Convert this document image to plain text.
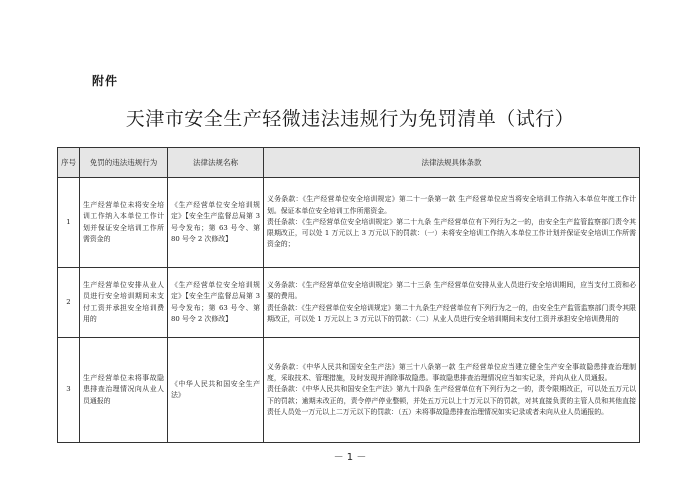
附件
天津市安全生产轻微违法违规行为免罚清单（试行）
序号	免罚的违法违规行为	法律法规名称	法律法规具体条款
1	生产经营单位未将安全培训工作纳入本单位工作计划并保证安全培训工作所需资金的	《生产经营单位安全培训规定》【安全生产监督总局第 3 号令发布；第 63 号令、第 80 号令 2 次修改】	义务条款：《生产经营单位安全培训规定》第二十一条第一款 生产经营单位应当将安全培训工作纳入本单位年度工作计划。保证本单位安全培训工作所需资金。
责任条款：《生产经营单位安全培训规定》第二十九条 生产经营单位有下列行为之一的，由安全生产监管监察部门责令其限期改正，可以处 1 万元以上 3 万元以下的罚款：（一）未将安全培训工作纳入本单位工作计划并保证安全培训工作所需资金的；

2	生产经营单位安排从业人员进行安全培训期间未支付工资并承担安全培训费用的	《生产经营单位安全培训规定》【安全生产监督总局第 3 号令发布；第 63 号令、第 80 号令 2 次修改】	义务条款：《生产经营单位安全培训规定》第二十三条 生产经营单位安排从业人员进行安全培训期间，应当支付工资和必要的费用。
责任条款：《生产经营单位安全培训规定》第二十九条生产经营单位有下列行为之一的，由安全生产监管监察部门责令其限期改正，可以处 1 万元以上 3 万元以下的罚款：（二）从业人员进行安全培训期间未支付工资并承担安全培训费用的

3	生产经营单位未将事故隐患排查治理情况向从业人员通报的	《中华人民共和国安全生产法》	义务条款：《中华人民共和国安全生产法》第三十八条第一款 生产经营单位应当建立健全生产安全事故隐患排查治理制度，采取技术、管理措施，及时发现并消除事故隐患。事故隐患排查治理情况应当如实记录，并向从业人员通报。
责任条款：《中华人民共和国安全生产法》第九十四条 生产经营单位有下列行为之一的，责令限期改正，可以处五万元以下的罚款；逾期未改正的，责令停产停业整顿，并处五万元以上十万元以下的罚款，对其直接负责的主管人员和其他直接责任人员处一万元以上二万元以下的罚款：（五）未将事故隐患排查治理情况如实记录或者未向从业人员通报的。
－ 1 －
